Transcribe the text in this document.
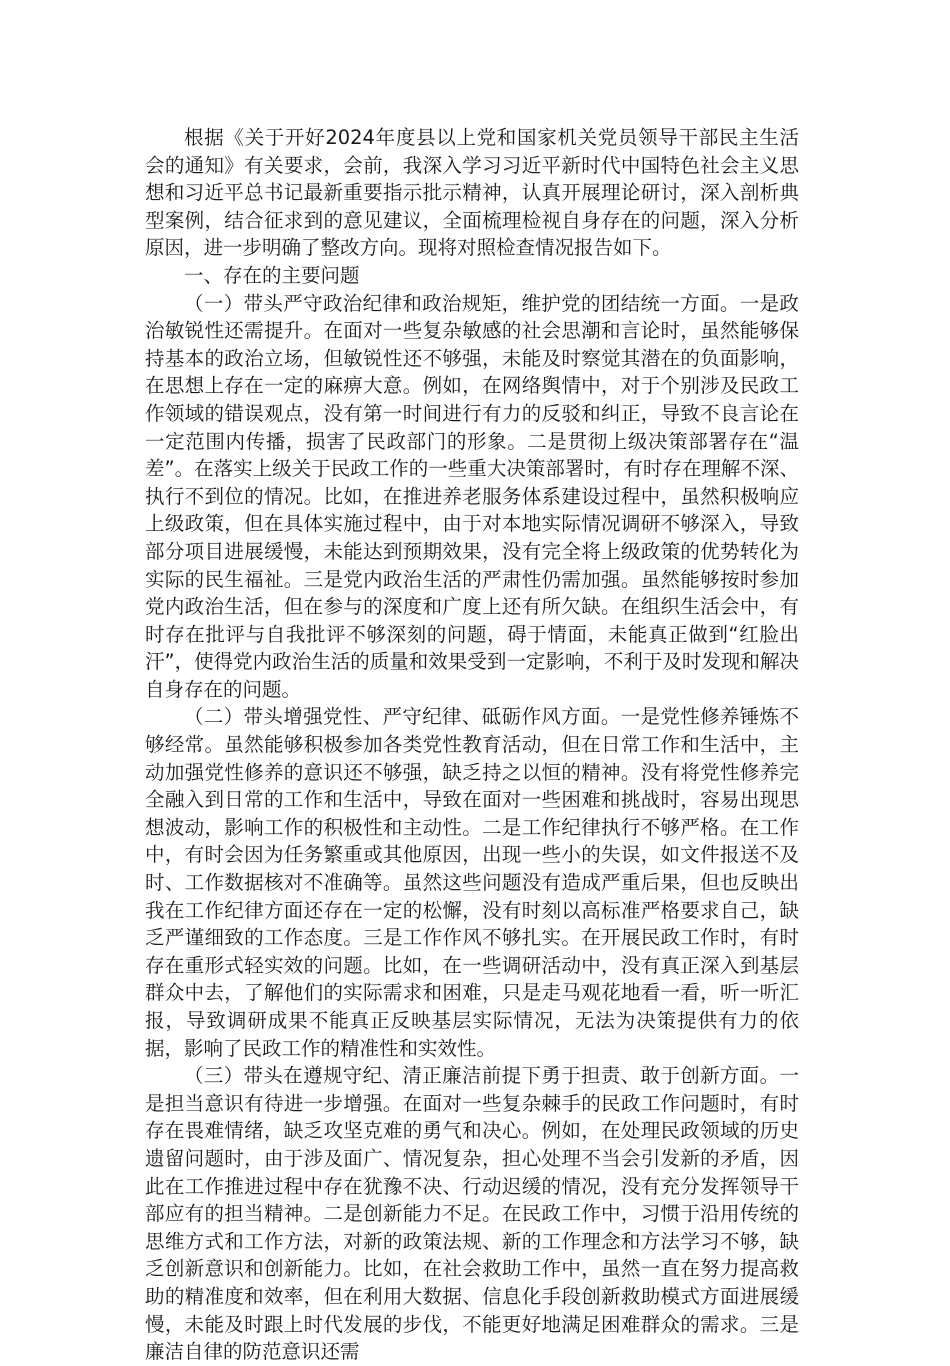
根据《关于开好2024年度县以上党和国家机关党员领导干部民主生活会的通知》有关要求，会前，我深入学习习近平新时代中国特色社会主义思想和习近平总书记最新重要指示批示精神，认真开展理论研讨，深入剖析典型案例，结合征求到的意见建议，全面梳理检视自身存在的问题，深入分析原因，进一步明确了整改方向。现将对照检查情况报告如下。

一、存在的主要问题

（一）带头严守政治纪律和政治规矩，维护党的团结统一方面。一是政治敏锐性还需提升。在面对一些复杂敏感的社会思潮和言论时，虽然能够保持基本的政治立场，但敏锐性还不够强，未能及时察觉其潜在的负面影响，在思想上存在一定的麻痹大意。例如，在网络舆情中，对于个别涉及民政工作领域的错误观点，没有第一时间进行有力的反驳和纠正，导致不良言论在一定范围内传播，损害了民政部门的形象。二是贯彻上级决策部署存在“温差”。在落实上级关于民政工作的一些重大决策部署时，有时存在理解不深、执行不到位的情况。比如，在推进养老服务体系建设过程中，虽然积极响应上级政策，但在具体实施过程中，由于对本地实际情况调研不够深入，导致部分项目进展缓慢，未能达到预期效果，没有完全将上级政策的优势转化为实际的民生福祉。三是党内政治生活的严肃性仍需加强。虽然能够按时参加党内政治生活，但在参与的深度和广度上还有所欠缺。在组织生活会中，有时存在批评与自我批评不够深刻的问题，碍于情面，未能真正做到“红脸出汗”，使得党内政治生活的质量和效果受到一定影响，不利于及时发现和解决自身存在的问题。

（二）带头增强党性、严守纪律、砥砺作风方面。一是党性修养锤炼不够经常。虽然能够积极参加各类党性教育活动，但在日常工作和生活中，主动加强党性修养的意识还不够强，缺乏持之以恒的精神。没有将党性修养完全融入到日常的工作和生活中，导致在面对一些困难和挑战时，容易出现思想波动，影响工作的积极性和主动性。二是工作纪律执行不够严格。在工作中，有时会因为任务繁重或其他原因，出现一些小的失误，如文件报送不及时、工作数据核对不准确等。虽然这些问题没有造成严重后果，但也反映出我在工作纪律方面还存在一定的松懈，没有时刻以高标准严格要求自己，缺乏严谨细致的工作态度。三是工作作风不够扎实。在开展民政工作时，有时存在重形式轻实效的问题。比如，在一些调研活动中，没有真正深入到基层群众中去，了解他们的实际需求和困难，只是走马观花地看一看，听一听汇报，导致调研成果不能真正反映基层实际情况，无法为决策提供有力的依据，影响了民政工作的精准性和实效性。

（三）带头在遵规守纪、清正廉洁前提下勇于担责、敢于创新方面。一是担当意识有待进一步增强。在面对一些复杂棘手的民政工作问题时，有时存在畏难情绪，缺乏攻坚克难的勇气和决心。例如，在处理民政领域的历史遗留问题时，由于涉及面广、情况复杂，担心处理不当会引发新的矛盾，因此在工作推进过程中存在犹豫不决、行动迟缓的情况，没有充分发挥领导干部应有的担当精神。二是创新能力不足。在民政工作中，习惯于沿用传统的思维方式和工作方法，对新的政策法规、新的工作理念和方法学习不够，缺乏创新意识和创新能力。比如，在社会救助工作中，虽然一直在努力提高救助的精准度和效率，但在利用大数据、信息化手段创新救助模式方面进展缓慢，未能及时跟上时代发展的步伐，不能更好地满足困难群众的需求。三是廉洁自律的防范意识还需
